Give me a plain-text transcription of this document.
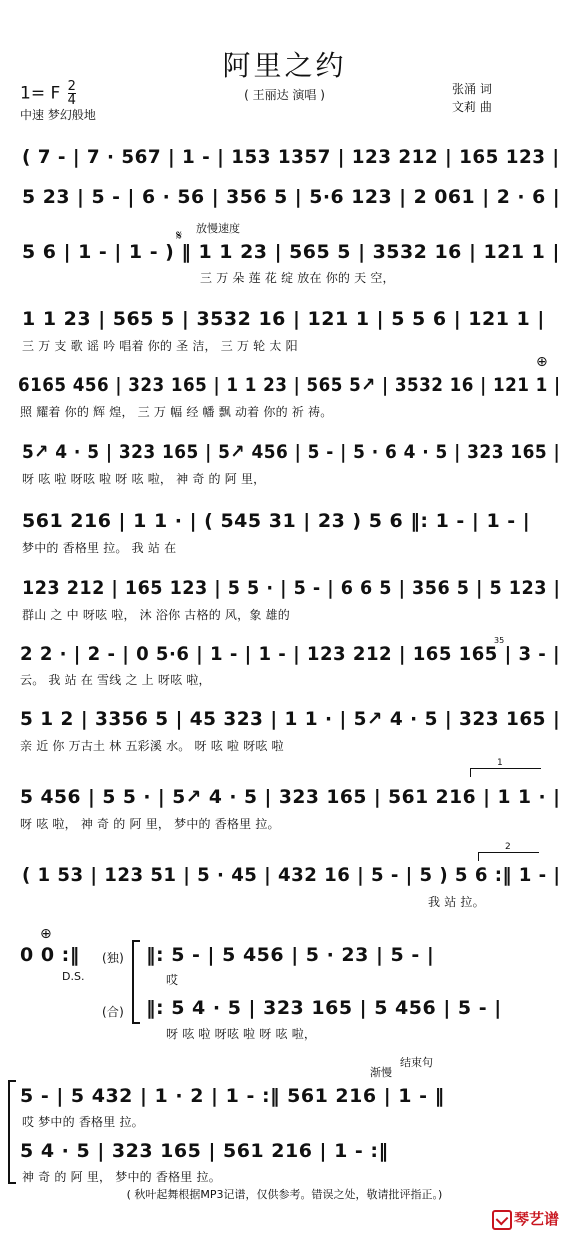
阿里之约
( 王丽达 演唱 )
1= F $\frac{2}{4}$
中速 梦幻般地
张涌 词
文莉 曲
( 7 - | 7 · 567 | 1 - | 153 1357 | 123 212 | 165 123 |
5 23 | 5 - | 6 · 56 | 356 5 | 5·6 123 | 2 061 | 2 · 6 |
放慢速度
𝄋
5 6 | 1 - | 1 - ) ‖ 1 1 23 | 565 5 | 3532 16 | 121 1 |
三 万 朵 莲 花 绽 放在 你的 天 空，
1 1 23 | 565 5 | 3532 16 | 121 1 | 5 5 6 | 121 1 |
三 万 支 歌 谣 吟 唱着 你的 圣 洁， 三 万 轮 太 阳
⊕
6165 456 | 323 165 | 1 1 23 | 565 5↗ | 3532 16 | 121 1 |
照 耀着 你的 辉 煌， 三 万 幅 经 幡 飘 动着 你的 祈 祷。
5↗ 4 · 5 | 323 165 | 5↗ 456 | 5 - | 5 · 6 4 · 5 | 323 165 |
呀 呟 啦 呀呟 啦 呀 呟 啦， 神 奇 的 阿 里，
561 216 | 1 1 · | ( 545 31 | 23 ) 5 6 ‖: 1 - | 1 - |
梦中的 香格里 拉。 我 站 在
123 212 | 165 123 | 5 5 · | 5 - | 6 6 5 | 356 5 | 5 123 |
群山 之 中 呀呟 啦， 沐 浴你 古格的 风，象 雄的
35
2 2 · | 2 - | 0 5·6 | 1 - | 1 - | 123 212 | 165 165 | 3 - |
云。 我 站 在 雪线 之 上 呀呟 啦，
5 1 2 | 3356 5 | 45 323 | 1 1 · | 5↗ 4 · 5 | 323 165 |
亲 近 你 万古土 林 五彩溪 水。 呀 呟 啦 呀呟 啦
1
5 456 | 5 5 · | 5↗ 4 · 5 | 323 165 | 561 216 | 1 1 · |
呀 呟 啦， 神 奇 的 阿 里， 梦中的 香格里 拉。
2
( 1 53 | 123 51 | 5 · 45 | 432 16 | 5 - | 5 ) 5 6 :‖ 1 - |
我 站 拉。
⊕
0 0 :‖
D.S.
(独) ‖: 5 - | 5 456 | 5 · 23 | 5 - |
哎
(合) ‖: 5 4 · 5 | 323 165 | 5 456 | 5 - |
呀 呟 啦 呀呟 啦 呀 呟 啦，
结束句
渐慢
5 - | 5 432 | 1 · 2 | 1 - :‖ 561 216 | 1 - ‖
哎 梦中的 香格里 拉。
5 4 · 5 | 323 165 | 561 216 | 1 - :‖
神 奇 的 阿 里， 梦中的 香格里 拉。
( 秋叶起舞根据MP3记谱，仅供参考。错误之处，敬请批评指正。)
琴艺谱
